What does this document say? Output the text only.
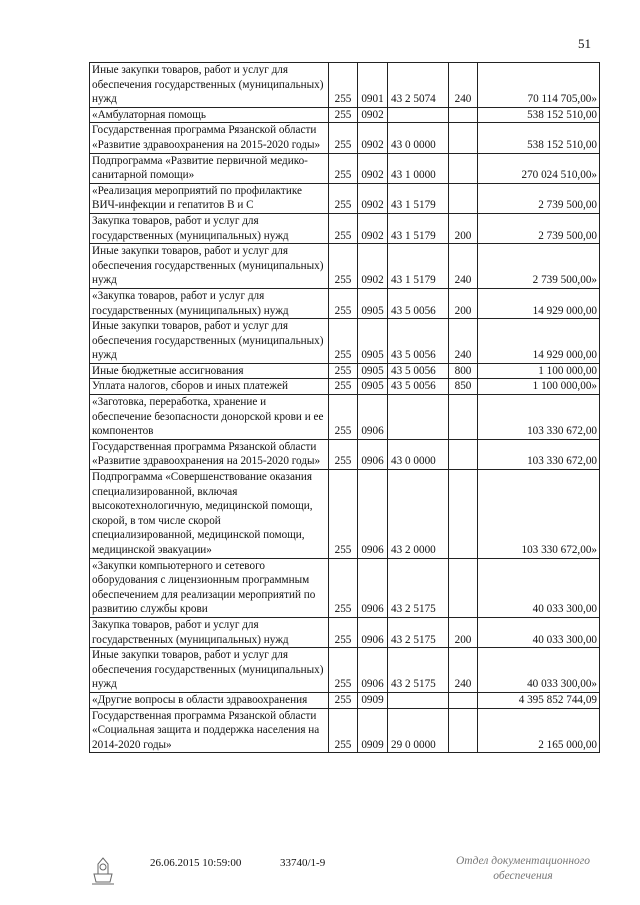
51
Иные закупки товаров, работ и услуг для обеспечения государственных (муниципальных) нужд	255	0901	43 2 5074	240	70 114 705,00»
«Амбулаторная помощь	255	0902			538 152 510,00
Государственная программа Рязанской области «Развитие здравоохранения на 2015-2020 годы»	255	0902	43 0 0000		538 152 510,00
Подпрограмма «Развитие первичной медико-санитарной помощи»	255	0902	43 1 0000		270 024 510,00»
«Реализация мероприятий по профилактике ВИЧ-инфекции и гепатитов В и С	255	0902	43 1 5179		2 739 500,00
Закупка товаров, работ и услуг для государственных (муниципальных) нужд	255	0902	43 1 5179	200	2 739 500,00
Иные закупки товаров, работ и услуг для обеспечения государственных (муниципальных) нужд	255	0902	43 1 5179	240	2 739 500,00»
«Закупка товаров, работ и услуг для государственных (муниципальных) нужд	255	0905	43 5 0056	200	14 929 000,00
Иные закупки товаров, работ и услуг для обеспечения государственных (муниципальных) нужд	255	0905	43 5 0056	240	14 929 000,00
Иные бюджетные ассигнования	255	0905	43 5 0056	800	1 100 000,00
Уплата налогов, сборов и иных платежей	255	0905	43 5 0056	850	1 100 000,00»
«Заготовка, переработка, хранение и обеспечение безопасности донорской крови и ее компонентов	255	0906			103 330 672,00
Государственная программа Рязанской области «Развитие здравоохранения на 2015-2020 годы»	255	0906	43 0 0000		103 330 672,00
Подпрограмма «Совершенствование оказания специализированной, включая высокотехнологичную, медицинской помощи, скорой, в том числе скорой специализированной, медицинской помощи, медицинской эвакуации»	255	0906	43 2 0000		103 330 672,00»
«Закупки компьютерного и сетевого оборудования с лицензионным программным обеспечением для реализации мероприятий по развитию службы крови	255	0906	43 2 5175		40 033 300,00
Закупка товаров, работ и услуг для государственных (муниципальных) нужд	255	0906	43 2 5175	200	40 033 300,00
Иные закупки товаров, работ и услуг для обеспечения государственных (муниципальных) нужд	255	0906	43 2 5175	240	40 033 300,00»
«Другие вопросы в области здравоохранения	255	0909			4 395 852 744,09
Государственная программа Рязанской области «Социальная защита и поддержка населения на 2014-2020 годы»	255	0909	29 0 0000		2 165 000,00
26.06.2015 10:59:00	33740/1-9	Отдел документационного обеспечения
